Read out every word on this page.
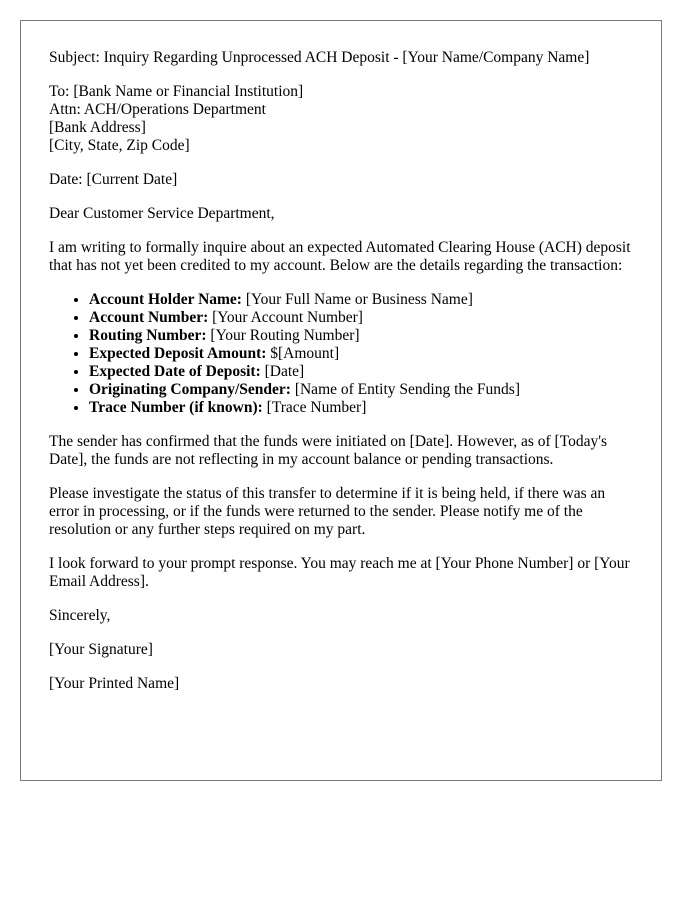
Subject: Inquiry Regarding Unprocessed ACH Deposit - [Your Name/Company Name]

To: [Bank Name or Financial Institution]
Attn: ACH/Operations Department
[Bank Address]
[City, State, Zip Code]

Date: [Current Date]

Dear Customer Service Department,

I am writing to formally inquire about an expected Automated Clearing House (ACH) deposit that has not yet been credited to my account. Below are the details regarding the transaction:

• Account Holder Name: [Your Full Name or Business Name]
• Account Number: [Your Account Number]
• Routing Number: [Your Routing Number]
• Expected Deposit Amount: $[Amount]
• Expected Date of Deposit: [Date]
• Originating Company/Sender: [Name of Entity Sending the Funds]
• Trace Number (if known): [Trace Number]

The sender has confirmed that the funds were initiated on [Date]. However, as of [Today's Date], the funds are not reflecting in my account balance or pending transactions.

Please investigate the status of this transfer to determine if it is being held, if there was an error in processing, or if the funds were returned to the sender. Please notify me of the resolution or any further steps required on my part.

I look forward to your prompt response. You may reach me at [Your Phone Number] or [Your Email Address].

Sincerely,

[Your Signature]

[Your Printed Name]
